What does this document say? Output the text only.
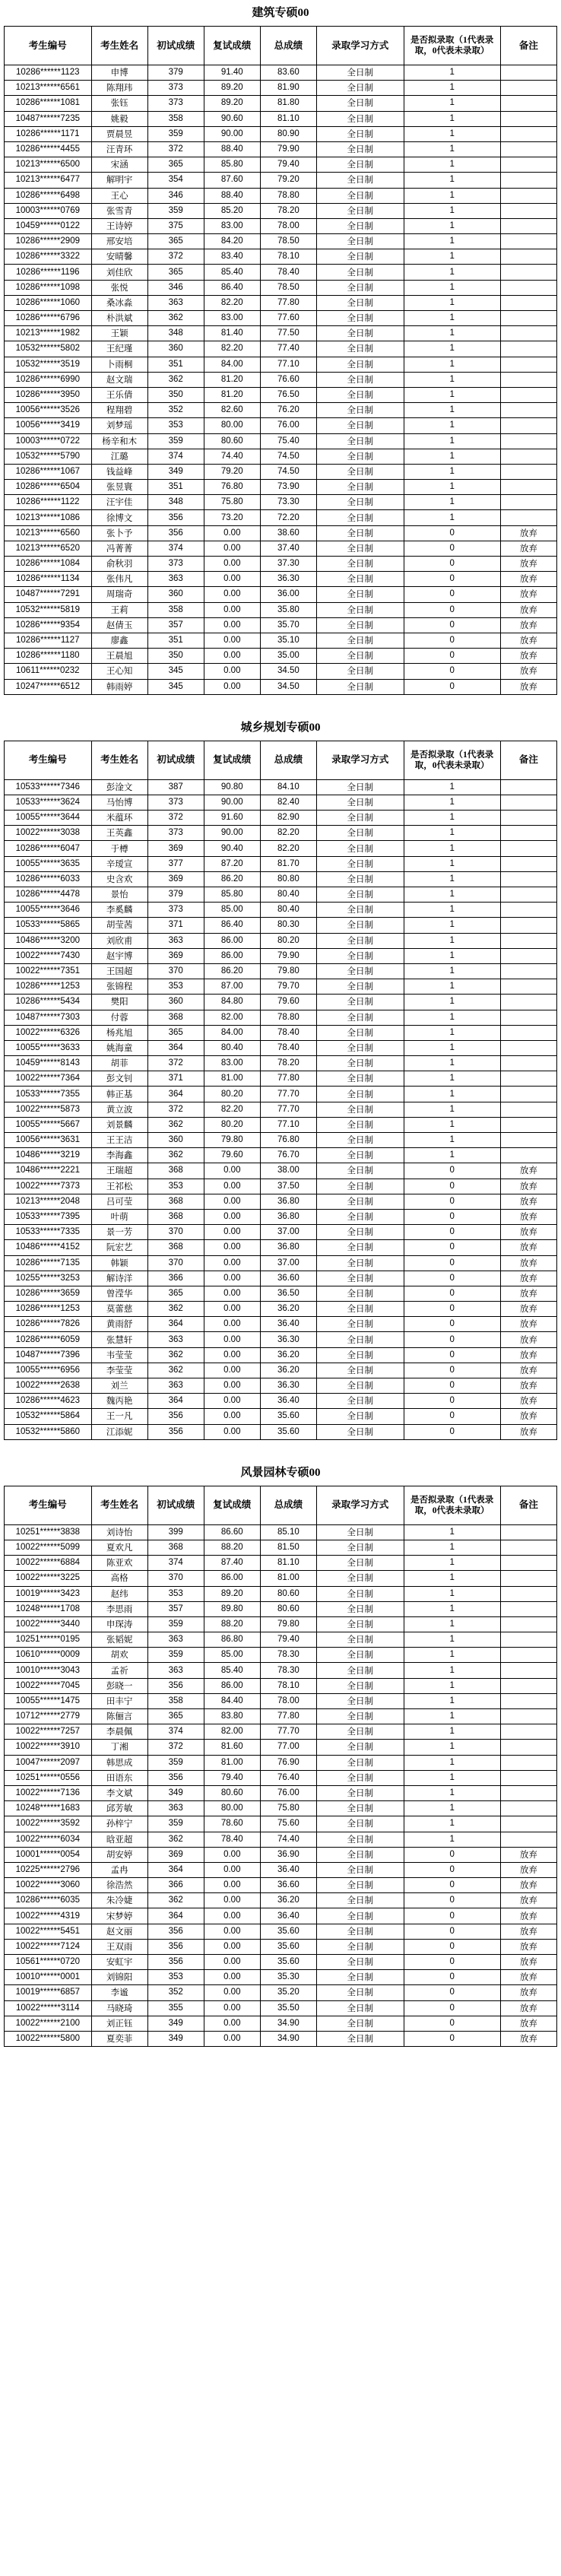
建筑专硕00
考生编号	考生姓名	初试成绩	复试成绩	总成绩	录取学习方式	是否拟录取（1代表录取，0代表未录取）	备注
10286******1123	申博	379	91.40	83.60	全日制	1	
10213******6561	陈翔玮	373	89.20	81.90	全日制	1	
10286******1081	张钰	373	89.20	81.80	全日制	1	
10487******7235	姚毅	358	90.60	81.10	全日制	1	
10286******1171	贾晨昱	359	90.00	80.90	全日制	1	
10286******4455	汪青环	372	88.40	79.90	全日制	1	
10213******6500	宋涵	365	85.80	79.40	全日制	1	
10213******6477	解明宇	354	87.60	79.20	全日制	1	
10286******6498	王心	346	88.40	78.80	全日制	1	
10003******0769	张雪青	359	85.20	78.20	全日制	1	
10459******0122	王诗婷	375	83.00	78.00	全日制	1	
10286******2909	邢安培	365	84.20	78.50	全日制	1	
10286******3322	安晴馨	372	83.40	78.10	全日制	1	
10286******1196	刘佳欣	365	85.40	78.40	全日制	1	
10286******1098	张悦	346	86.40	78.50	全日制	1	
10286******1060	桑冰淼	363	82.20	77.80	全日制	1	
10286******6796	朴洪斌	362	83.00	77.60	全日制	1	
10213******1982	王颖	348	81.40	77.50	全日制	1	
10532******5802	王纪瑾	360	82.20	77.40	全日制	1	
10532******3519	卜雨桐	351	84.00	77.10	全日制	1	
10286******6990	赵文瑞	362	81.20	76.60	全日制	1	
10286******3950	王乐倩	350	81.20	76.50	全日制	1	
10056******3526	程翔碧	352	82.60	76.20	全日制	1	
10056******3419	刘梦瑶	353	80.00	76.00	全日制	1	
10003******0722	杨辛和木	359	80.60	75.40	全日制	1	
10532******5790	江璐	374	74.40	74.50	全日制	1	
10286******1067	钱益峰	349	79.20	74.50	全日制	1	
10286******6504	张昱寰	351	76.80	73.90	全日制	1	
10286******1122	汪宇佳	348	75.80	73.30	全日制	1	
10213******1086	徐博文	356	73.20	72.20	全日制	1	
10213******6560	张卜予	356	0.00	38.60	全日制	0	放弃
10213******6520	冯菁菁	374	0.00	37.40	全日制	0	放弃
10286******1084	俞秋羽	373	0.00	37.30	全日制	0	放弃
10286******1134	张伟凡	363	0.00	36.30	全日制	0	放弃
10487******7291	周瑞奇	360	0.00	36.00	全日制	0	放弃
10532******5819	王莉	358	0.00	35.80	全日制	0	放弃
10286******9354	赵倩玉	357	0.00	35.70	全日制	0	放弃
10286******1127	廖鑫	351	0.00	35.10	全日制	0	放弃
10286******1180	王晨旭	350	0.00	35.00	全日制	0	放弃
10611******0232	王心知	345	0.00	34.50	全日制	0	放弃
10247******6512	韩雨婷	345	0.00	34.50	全日制	0	放弃
城乡规划专硕00
考生编号	考生姓名	初试成绩	复试成绩	总成绩	录取学习方式	是否拟录取（1代表录取，0代表未录取）	备注
10533******7346	彭淦文	387	90.80	84.10	全日制	1	
10533******3624	马怡博	373	90.00	82.40	全日制	1	
10055******3644	米蕴环	372	91.60	82.90	全日制	1	
10022******3038	王英鑫	373	90.00	82.20	全日制	1	
10286******6047	于樽	369	90.40	82.20	全日制	1	
10055******3635	辛瑷宣	377	87.20	81.70	全日制	1	
10286******6033	史含欢	369	86.20	80.80	全日制	1	
10286******4478	景怡	379	85.80	80.40	全日制	1	
10055******3646	李奚麟	373	85.00	80.40	全日制	1	
10533******5865	胡莹茜	371	86.40	80.30	全日制	1	
10486******3200	刘欣甫	363	86.00	80.20	全日制	1	
10022******7430	赵宇博	369	86.00	79.90	全日制	1	
10022******7351	王国超	370	86.20	79.80	全日制	1	
10286******1253	张锦程	353	87.00	79.70	全日制	1	
10286******5434	樊阳	360	84.80	79.60	全日制	1	
10487******7303	付蓉	368	82.00	78.80	全日制	1	
10022******6326	杨兆旭	365	84.00	78.40	全日制	1	
10055******3633	姚海童	364	80.40	78.40	全日制	1	
10459******8143	胡菲	372	83.00	78.20	全日制	1	
10022******7364	彭文钊	371	81.00	77.80	全日制	1	
10533******7355	韩正基	364	80.20	77.70	全日制	1	
10022******5873	黄立波	372	82.20	77.70	全日制	1	
10055******5667	刘景麟	362	80.20	77.10	全日制	1	
10056******3631	王王洁	360	79.80	76.80	全日制	1	
10486******3219	李海鑫	362	79.60	76.70	全日制	1	
10486******2221	王瑞超	368	0.00	38.00	全日制	0	放弃
10022******7373	王祁松	353	0.00	37.50	全日制	0	放弃
10213******2048	吕可莹	368	0.00	36.80	全日制	0	放弃
10533******7395	叶萌	368	0.00	36.80	全日制	0	放弃
10533******7335	景一芳	370	0.00	37.00	全日制	0	放弃
10486******4152	阮宏艺	368	0.00	36.80	全日制	0	放弃
10286******7135	韩颖	370	0.00	37.00	全日制	0	放弃
10255******3253	解诗洋	366	0.00	36.60	全日制	0	放弃
10286******3659	曾滢华	365	0.00	36.50	全日制	0	放弃
10286******1253	莫蕾慈	362	0.00	36.20	全日制	0	放弃
10286******7826	黄雨舒	364	0.00	36.40	全日制	0	放弃
10286******6059	张慧轩	363	0.00	36.30	全日制	0	放弃
10487******7396	韦莹莹	362	0.00	36.20	全日制	0	放弃
10055******6956	李莹莹	362	0.00	36.20	全日制	0	放弃
10022******2638	刘兰	363	0.00	36.30	全日制	0	放弃
10286******4623	魏丙艳	364	0.00	36.40	全日制	0	放弃
10532******5864	王一凡	356	0.00	35.60	全日制	0	放弃
10532******5860	江添妮	356	0.00	35.60	全日制	0	放弃
风景园林专硕00
考生编号	考生姓名	初试成绩	复试成绩	总成绩	录取学习方式	是否拟录取（1代表录取，0代表未录取）	备注
10251******3838	刘诗怡	399	86.60	85.10	全日制	1	
10022******5099	夏欢凡	368	88.20	81.50	全日制	1	
10022******6884	陈亚欢	374	87.40	81.10	全日制	1	
10022******3225	高格	370	86.00	81.00	全日制	1	
10019******3423	赵纬	353	89.20	80.60	全日制	1	
10248******1708	李思雨	357	89.80	80.60	全日制	1	
10022******3440	申琛涛	359	88.20	79.80	全日制	1	
10251******0195	张韬妮	363	86.80	79.40	全日制	1	
10610******0009	胡欢	359	85.00	78.30	全日制	1	
10010******3043	孟祈	363	85.40	78.30	全日制	1	
10022******7045	彭晓一	356	86.00	78.10	全日制	1	
10055******1475	田丰宁	358	84.40	78.00	全日制	1	
10712******2779	陈俪言	365	83.80	77.80	全日制	1	
10022******7257	李晨佩	374	82.00	77.70	全日制	1	
10022******3910	丁湘	372	81.60	77.00	全日制	1	
10047******2097	韩思成	359	81.00	76.90	全日制	1	
10251******0556	田语东	356	79.40	76.40	全日制	1	
10022******7136	李文斌	349	80.60	76.00	全日制	1	
10248******1683	邱芳敏	363	80.00	75.80	全日制	1	
10022******3592	孙梓宁	359	78.60	75.60	全日制	1	
10022******6034	晗亚超	362	78.40	74.40	全日制	1	
10001******0054	胡安婷	369	0.00	36.90	全日制	0	放弃
10225******2796	孟冉	364	0.00	36.40	全日制	0	放弃
10022******3060	徐浩然	366	0.00	36.60	全日制	0	放弃
10286******6035	朱冷婕	362	0.00	36.20	全日制	0	放弃
10022******4319	宋梦婷	364	0.00	36.40	全日制	0	放弃
10022******5451	赵文丽	356	0.00	35.60	全日制	0	放弃
10022******7124	王双雨	356	0.00	35.60	全日制	0	放弃
10561******0720	安虹宇	356	0.00	35.60	全日制	0	放弃
10010******0001	刘锦阳	353	0.00	35.30	全日制	0	放弃
10019******6857	李谧	352	0.00	35.20	全日制	0	放弃
10022******3114	马晓琦	355	0.00	35.50	全日制	0	放弃
10022******2100	刘正钰	349	0.00	34.90	全日制	0	放弃
10022******5800	夏奕菲	349	0.00	34.90	全日制	0	放弃
